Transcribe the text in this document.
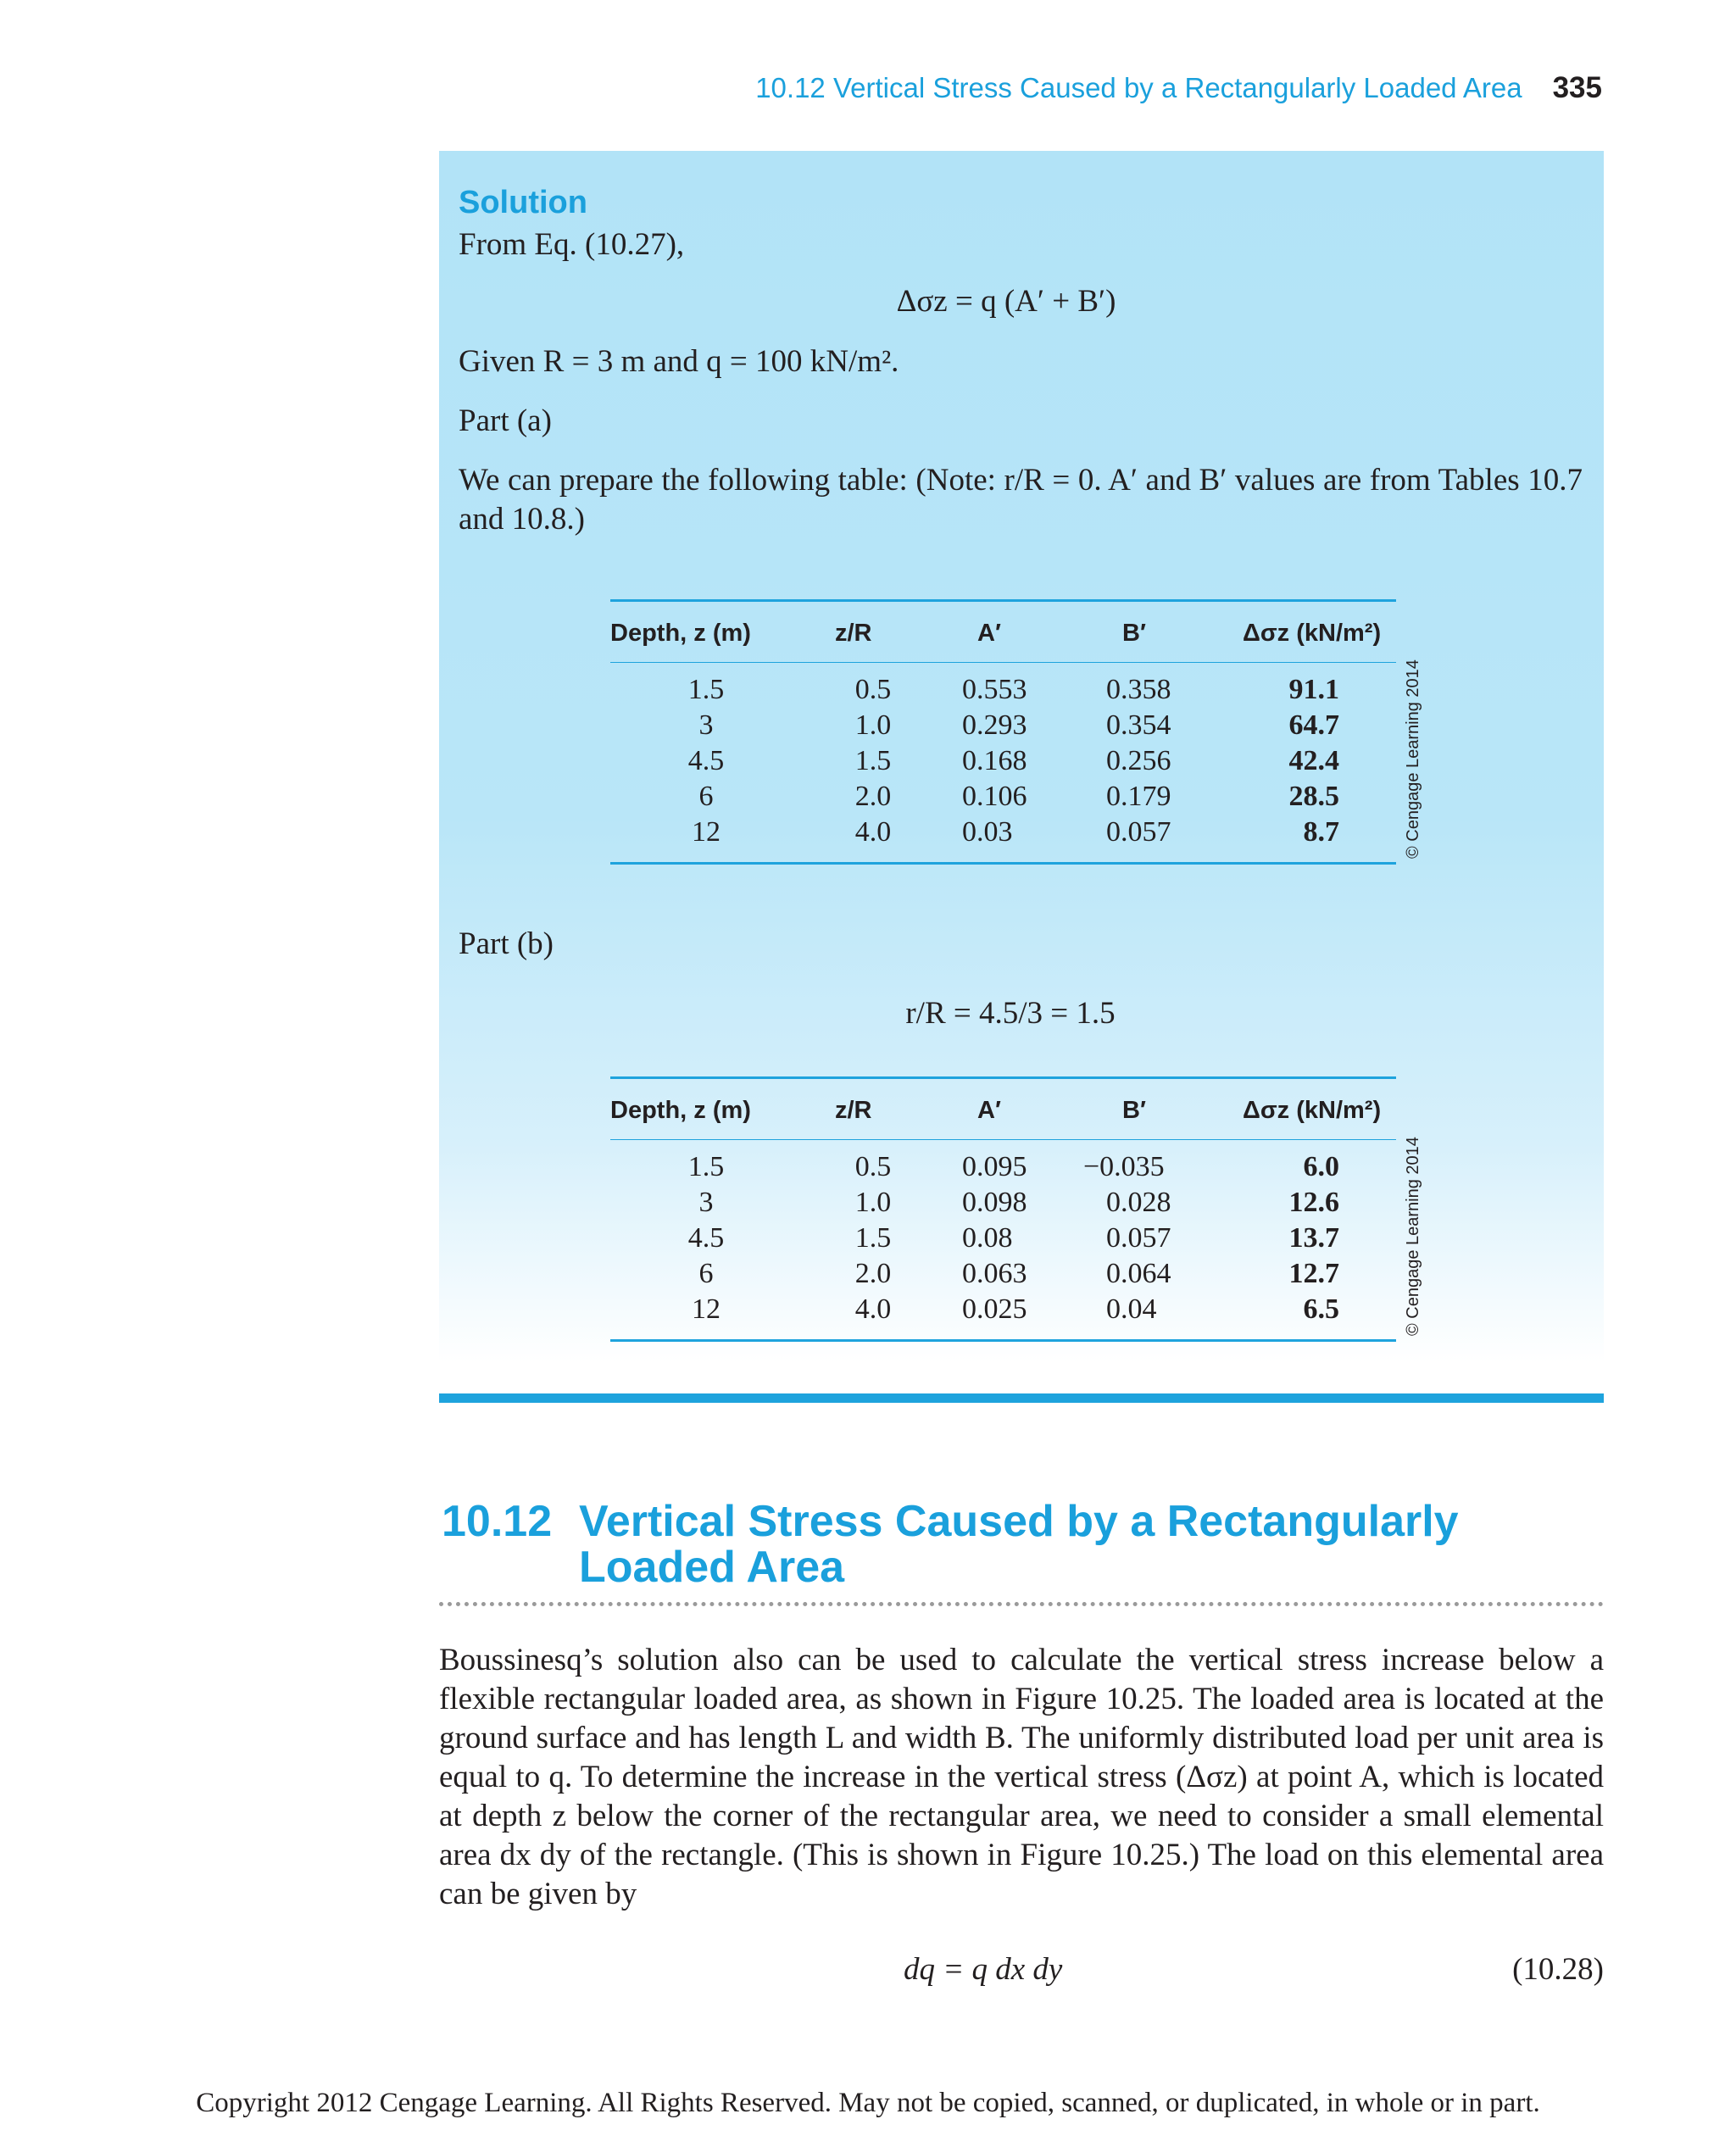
10.12 Vertical Stress Caused by a Rectangularly Loaded Area 335
Solution
From Eq. (10.27),
Δσz = q (A′ + B′)
Given R = 3 m and q = 100 kN/m².
Part (a)
We can prepare the following table: (Note: r/R = 0. A′ and B′ values are from Tables 10.7 and 10.8.)
Depth, z (m)	z/R	A′	B′	Δσz (kN/m²)
1.5	0.5	0.553	0.358	91.1
3	1.0	0.293	0.354	64.7
4.5	1.5	0.168	0.256	42.4
6	2.0	0.106	0.179	28.5
12	4.0	0.03	0.057	8.7	© Cengage Learning 2014
Part (b)
r/R = 4.5/3 = 1.5
Depth, z (m)	z/R	A′	B′	Δσz (kN/m²)
1.5	0.5	0.095	−0.035	6.0
3	1.0	0.098	0.028	12.6
4.5	1.5	0.08	0.057	13.7
6	2.0	0.063	0.064	12.7
12	4.0	0.025	0.04	6.5	© Cengage Learning 2014
10.12 Vertical Stress Caused by a Rectangularly Loaded Area
Boussinesq’s solution also can be used to calculate the vertical stress increase below a flexible rectangular loaded area, as shown in Figure 10.25. The loaded area is located at the ground surface and has length L and width B. The uniformly distributed load per unit area is equal to q. To determine the increase in the vertical stress (Δσz) at point A, which is located at depth z below the corner of the rectangular area, we need to consider a small elemental area dx dy of the rectangle. (This is shown in Figure 10.25.) The load on this elemental area can be given by
dq = q dx dy	(10.28)
Copyright 2012 Cengage Learning. All Rights Reserved. May not be copied, scanned, or duplicated, in whole or in part.
